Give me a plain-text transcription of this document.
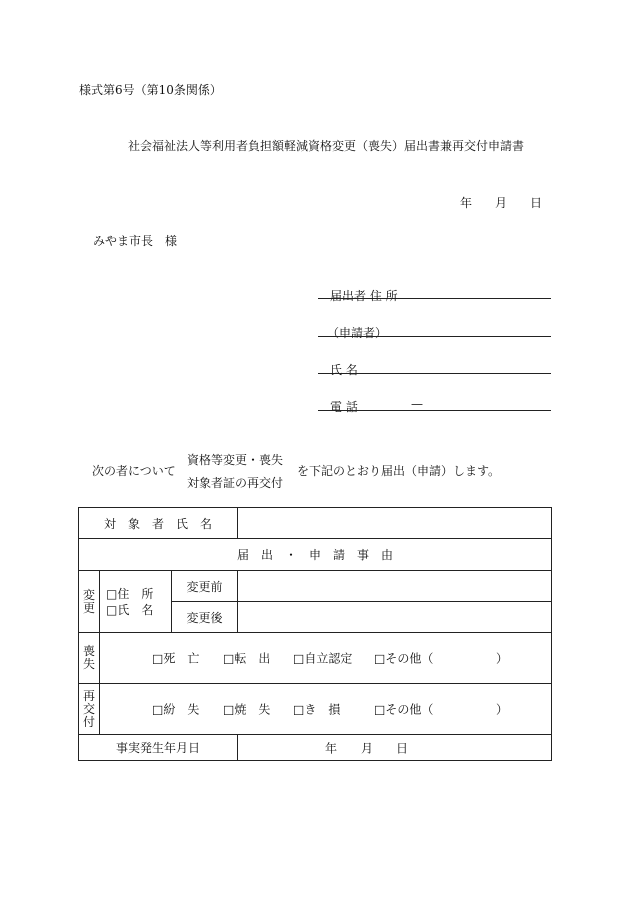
様式第6号（第10条関係）
社会福祉法人等利用者負担額軽減資格変更（喪失）届出書兼再交付申請書
年 月 日
みやま市長　様
届出者 住 所
（申請者）
氏 名
電 話	—
次の者について
資格等変更・喪失
対象者証の再交付
を下記のとおり届出（申請）します。
対　象　者　氏　名			
届　出　・　申　請　事　由			
変更	□住　所
□氏　名	変更前	
		変更後	
喪失	□死　亡 □転　出 □自立認定 □その他（ ）		

再交付	□紛　失 □焼　失 □き　損 □その他（ ）		

事実発生年月日			年 月 日
